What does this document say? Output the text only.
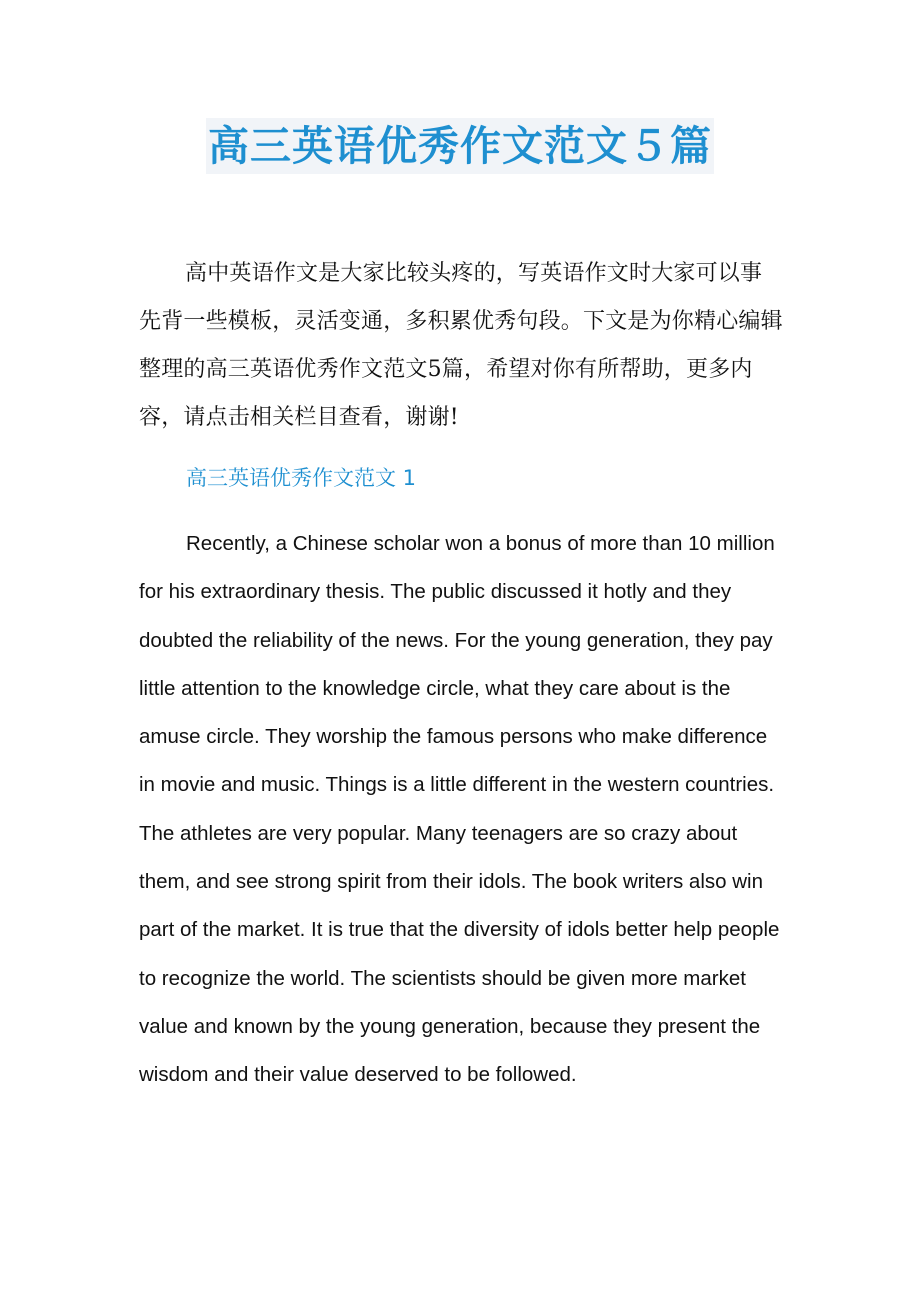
高三英语优秀作文范文５篇

高中英语作文是大家比较头疼的，写英语作文时大家可以事先背一些模板，灵活变通，多积累优秀句段。下文是为你精心编辑整理的高三英语优秀作文范文5篇，希望对你有所帮助，更多内容，请点击相关栏目查看，谢谢!

高三英语优秀作文范文 1

Recently, a Chinese scholar won a bonus of more than 10 million for his extraordinary thesis. The public discussed it hotly and they doubted the reliability of the news. For the young generation, they pay little attention to the knowledge circle, what they care about is the amuse circle. They worship the famous persons who make difference in movie and music. Things is a little different in the western countries. The athletes are very popular. Many teenagers are so crazy about them, and see strong spirit from their idols. The book writers also win part of the market. It is true that the diversity of idols better help people to recognize the world. The scientists should be given more market value and known by the young generation, because they present the wisdom and their value deserved to be followed.
